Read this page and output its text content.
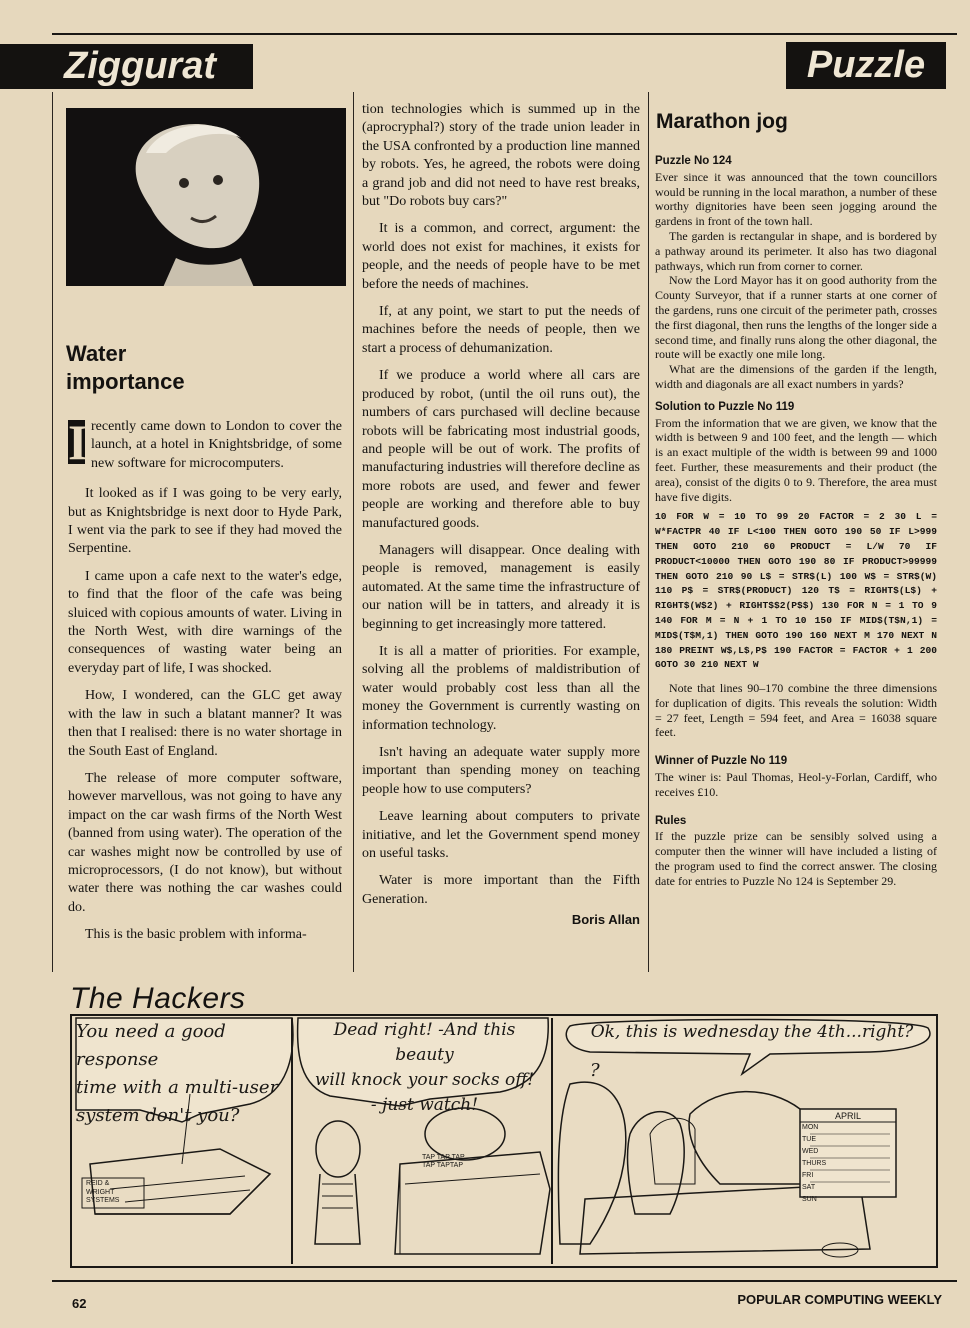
Ziggurat	Puzzle
Water
importance

I recently came down to London to cover the launch, at a hotel in Knightsbridge, of some new software for microcomputers.

It looked as if I was going to be very early, but as Knightsbridge is next door to Hyde Park, I went via the park to see if they had moved the Serpentine.

I came upon a cafe next to the water's edge, to find that the floor of the cafe was being sluiced with copious amounts of water. Living in the North West, with dire warnings of the consequences of wasting water being an everyday part of life, I was shocked.

How, I wondered, can the GLC get away with the law in such a blatant manner? It was then that I realised: there is no water shortage in the South East of England.

The release of more computer software, however marvellous, was not going to have any impact on the car wash firms of the North West (banned from using water). The operation of the car washes might now be controlled by use of microprocessors, (I do not know), but without water there was nothing the car washes could do.

This is the basic problem with informa-

tion technologies which is summed up in the (aprocryphal?) story of the trade union leader in the USA confronted by a production line manned by robots. Yes, he agreed, the robots were doing a grand job and did not need to have rest breaks, but "Do robots buy cars?"

It is a common, and correct, argument: the world does not exist for machines, it exists for people, and the needs of people have to be met before the needs of machines.

If, at any point, we start to put the needs of machines before the needs of people, then we start a process of dehumanization.

If we produce a world where all cars are produced by robot, (until the oil runs out), the numbers of cars purchased will decline because robots will be fabricating most industrial goods, and people will be out of work. The profits of manufacturing industries will therefore decline as more robots are used, and fewer and fewer people are working and therefore able to buy manufactured goods.

Managers will disappear. Once dealing with people is removed, management is easily automated. At the same time the infrastructure of our nation will be in tatters, and already it is beginning to get increasingly more tattered.

It is all a matter of priorities. For example, solving all the problems of maldistribution of water would probably cost less than all the money the Government is currently wasting on information technology.

Isn't having an adequate water supply more important than spending money on teaching people how to use computers?

Leave learning about computers to private initiative, and let the Government spend money on useful tasks.

Water is more important than the Fifth Generation.

Boris Allan
Marathon jog
Puzzle No 124

Ever since it was announced that the town councillors would be running in the local marathon, a number of these worthy dignitories have been seen jogging around the gardens in front of the town hall.

The garden is rectangular in shape, and is bordered by a pathway around its perimeter. It also has two diagonal pathways, which run from corner to corner.

Now the Lord Mayor has it on good authority from the County Surveyor, that if a runner starts at one corner of the gardens, runs one circuit of the perimeter path, crosses the first diagonal, then runs the lengths of the longer side a second time, and finally runs along the other diagonal, the route will be exactly one mile long.

What are the dimensions of the garden if the length, width and diagonals are all exact numbers in yards?

Solution to Puzzle No 119

From the information that we are given, we know that the width is between 9 and 100 feet, and the length — which is an exact multiple of the width is between 99 and 1000 feet. Further, these measurements and their product (the area), consist of the digits 0 to 9. Therefore, the area must have five digits.

10 FOR W = 10 TO 99 20 FACTOR = 2 30 L = W*FACTPR 40 IF L<100 THEN GOTO 190 50 IF L>999 THEN GOTO 210 60 PRODUCT = L/W 70 IF PRODUCT<10000 THEN GOTO 190 80 IF PRODUCT>99999 THEN GOTO 210 90 L$ = STR$(L) 100 W$ = STR$(W) 110 P$ = STR$(PRODUCT) 120 T$ = RIGHT$(L$) + RIGHT$(W$2) + RIGHT$$2(P$$) 130 FOR N = 1 TO 9 140 FOR M = N + 1 TO 10 150 IF MID$(T$N,1) = MID$(T$M,1) THEN GOTO 190 160 NEXT M 170 NEXT N 180 PREINT W$,L$,P$ 190 FACTOR = FACTOR + 1 200 GOTO 30 210 NEXT W

Note that lines 90–170 combine the three dimensions for duplication of digits. This reveals the solution: Width = 27 feet, Length = 594 feet, and Area = 16038 square feet.

Winner of Puzzle No 119

The winer is: Paul Thomas, Heol-y-Forlan, Cardiff, who receives £10.

Rules

If the puzzle prize can be sensibly solved using a computer then the winner will have included a listing of the program used to find the correct answer. The closing date for entries to Puzzle No 124 is September 29.

The Hackers
You need a good response
time with a multi-user
system don't you?
Dead right! -And this beauty
will knock your socks off!
- just watch!
Ok, this is wednesday the 4th...right?
?
REID &
WRIGHT
SYSTEMS
TAP TAP TAP
TAP TAPTAP
APRIL
MON
TUE
WED
THURS
FRI
SAT
SUN
62	POPULAR COMPUTING WEEKLY
